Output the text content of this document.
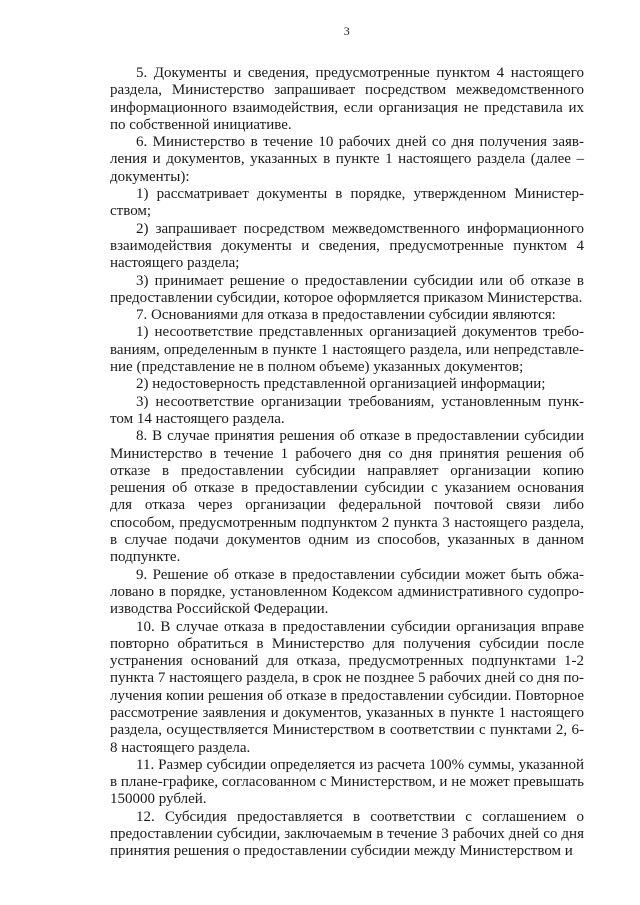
3

5. Документы и сведения, предусмотренные пунктом 4 настоящего раздела, Министерство запрашивает посредством межведомственного информационного взаимодействия, если организация не представила их по собственной инициативе.

6. Министерство в течение 10 рабочих дней со дня получения заявления и документов, указанных в пункте 1 настоящего раздела (далее – документы):

1) рассматривает документы в порядке, утвержденном Министерством;

2) запрашивает посредством межведомственного информационного взаимодействия документы и сведения, предусмотренные пунктом 4 настоящего раздела;

3) принимает решение о предоставлении субсидии или об отказе в предоставлении субсидии, которое оформляется приказом Министерства.

7. Основаниями для отказа в предоставлении субсидии являются:

1) несоответствие представленных организацией документов требованиям, определенным в пункте 1 настоящего раздела, или непредставление (представление не в полном объеме) указанных документов;

2) недостоверность представленной организацией информации;

3) несоответствие организации требованиям, установленным пунктом 14 настоящего раздела.

8. В случае принятия решения об отказе в предоставлении субсидии Министерство в течение 1 рабочего дня со дня принятия решения об отказе в предоставлении субсидии направляет организации копию решения об отказе в предоставлении субсидии с указанием основания для отказа через организации федеральной почтовой связи либо способом, предусмотренным подпунктом 2 пункта 3 настоящего раздела, в случае подачи документов одним из способов, указанных в данном подпункте.

9. Решение об отказе в предоставлении субсидии может быть обжаловано в порядке, установленном Кодексом административного судопроизводства Российской Федерации.

10. В случае отказа в предоставлении субсидии организация вправе повторно обратиться в Министерство для получения субсидии после устранения оснований для отказа, предусмотренных подпунктами 1-2 пункта 7 настоящего раздела, в срок не позднее 5 рабочих дней со дня получения копии решения об отказе в предоставлении субсидии. Повторное рассмотрение заявления и документов, указанных в пункте 1 настоящего раздела, осуществляется Министерством в соответствии с пунктами 2, 6-8 настоящего раздела.

11. Размер субсидии определяется из расчета 100% суммы, указанной в плане-графике, согласованном с Министерством, и не может превышать 150000 рублей.

12. Субсидия предоставляется в соответствии с соглашением о предоставлении субсидии, заключаемым в течение 3 рабочих дней со дня принятия решения о предоставлении субсидии между Министерством и
